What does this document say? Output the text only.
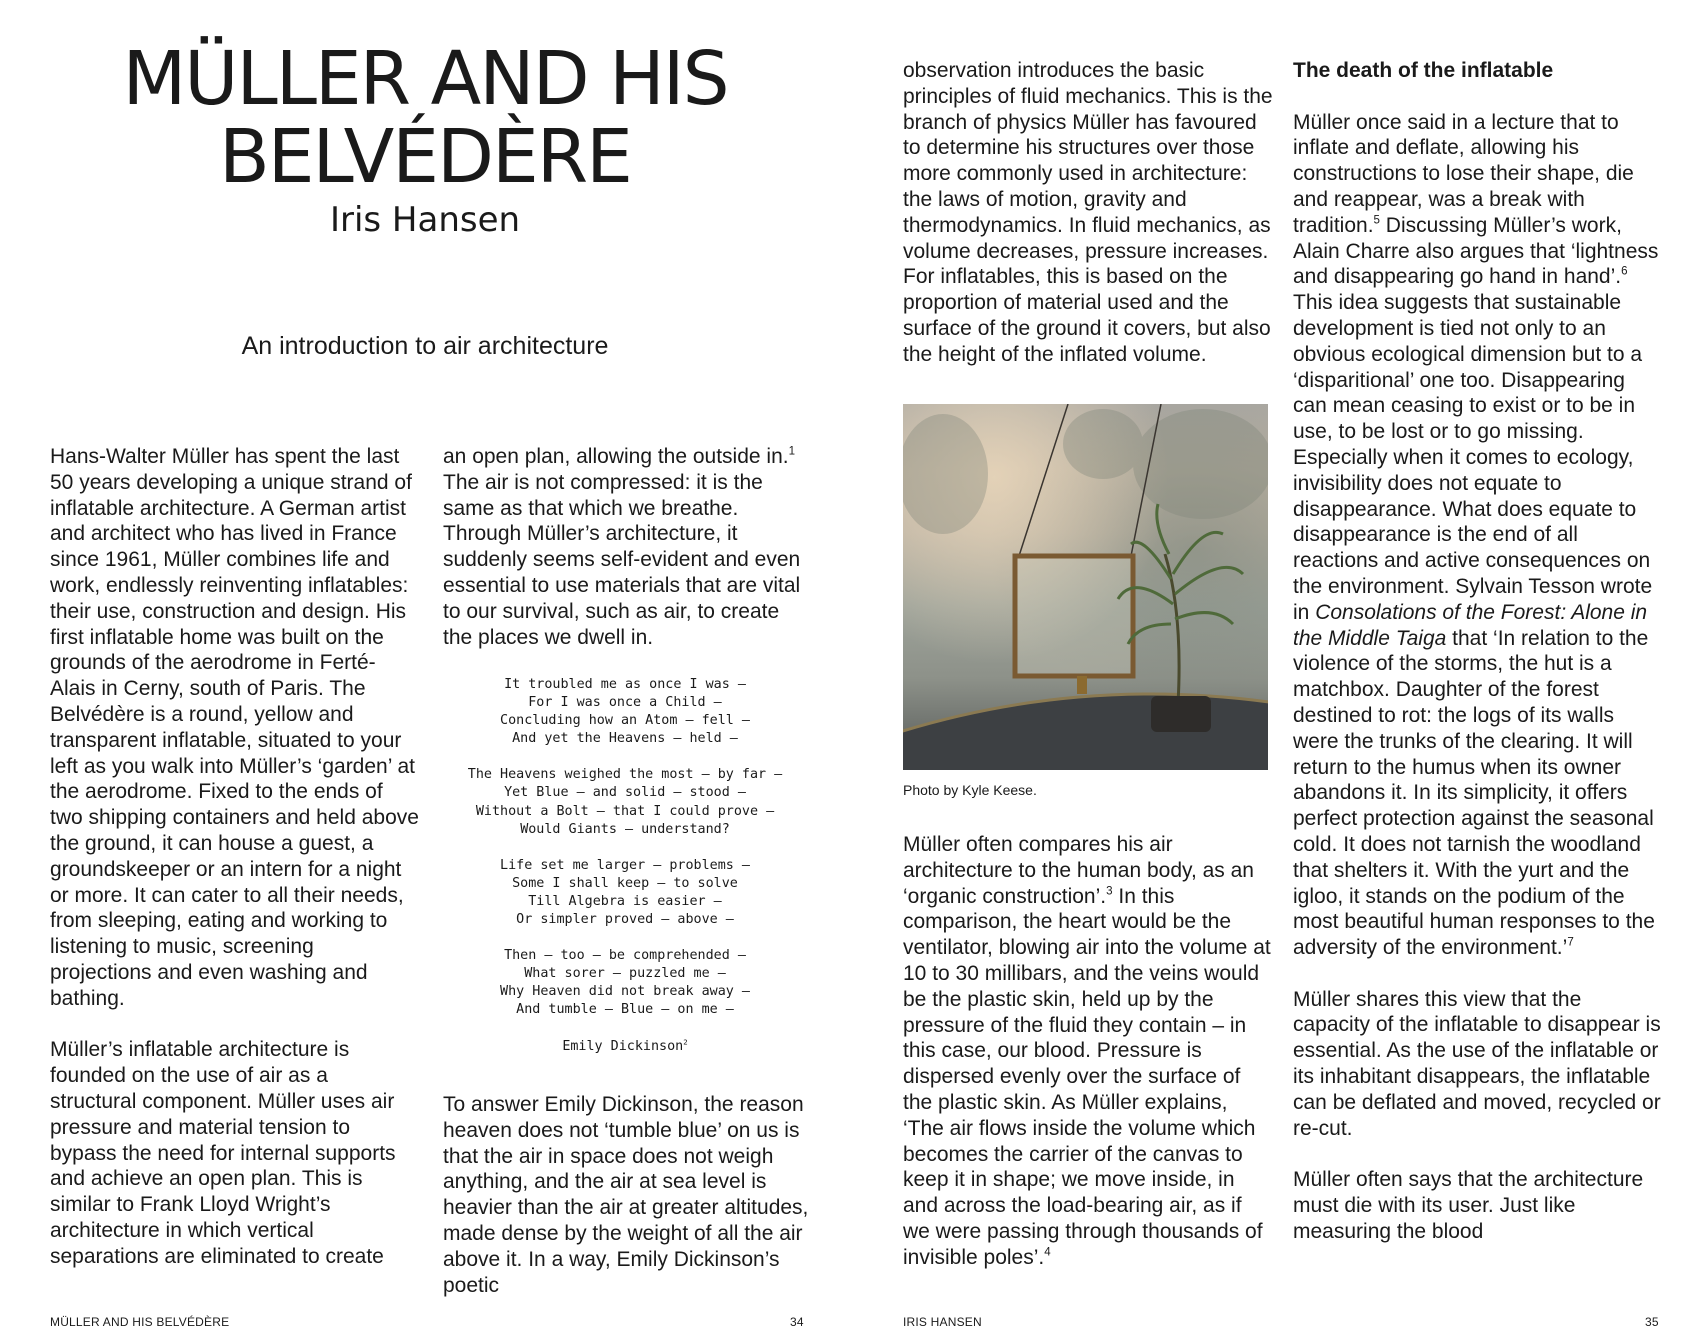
MÜLLER AND HIS
BELVÉDÈRE
Iris Hansen
An introduction to air architecture

Hans-Walter Müller has spent the last 50 years developing a unique strand of inflatable architecture. A German artist and architect who has lived in France since 1961, Müller combines life and work, endlessly reinventing inflatables: their use, construction and design. His first inflatable home was built on the grounds of the aerodrome in Ferté-Alais in Cerny, south of Paris. The Belvédère is a round, yellow and transparent inflatable, situated to your left as you walk into Müller’s ‘garden’ at the aerodrome. Fixed to the ends of two shipping containers and held above the ground, it can house a guest, a groundskeeper or an intern for a night or more. It can cater to all their needs, from sleeping, eating and working to listening to music, screening projections and even washing and bathing.

Müller’s inflatable architecture is founded on the use of air as a structural component. Müller uses air pressure and material tension to bypass the need for internal supports and achieve an open plan. This is similar to Frank Lloyd Wright’s architecture in which vertical separations are eliminated to create

an open plan, allowing the outside in.$^1$ The air is not compressed: it is the same as that which we breathe. Through Müller’s architecture, it suddenly seems self-evident and even essential to use materials that are vital to our survival, such as air, to create the places we dwell in.

It troubled me as once I was –
For I was once a Child –
Concluding how an Atom – fell –
And yet the Heavens – held –
The Heavens weighed the most – by far –
Yet Blue – and solid – stood –
Without a Bolt – that I could prove –
Would Giants – understand?
Life set me larger – problems –
Some I shall keep – to solve
Till Algebra is easier –
Or simpler proved – above –
Then – too – be comprehended –
What sorer – puzzled me –
Why Heaven did not break away –
And tumble – Blue – on me –
Emily Dickinson$^2$

To answer Emily Dickinson, the reason heaven does not ‘tumble blue’ on us is that the air in space does not weigh anything, and the air at sea level is heavier than the air at greater altitudes, made dense by the weight of all the air above it. In a way, Emily Dickinson’s poetic

MÜLLER AND HIS BELVÉDÈRE	34

observation introduces the basic principles of fluid mechanics. This is the branch of physics Müller has favoured to determine his structures over those more commonly used in architecture: the laws of motion, gravity and thermodynamics. In fluid mechanics, as volume decreases, pressure increases. For inflatables, this is based on the proportion of material used and the surface of the ground it covers, but also the height of the inflated volume.

Photo by Kyle Keese.

Müller often compares his air architecture to the human body, as an ‘organic construction’.$^3$ In this comparison, the heart would be the ventilator, blowing air into the volume at 10 to 30 millibars, and the veins would be the plastic skin, held up by the pressure of the fluid they contain – in this case, our blood. Pressure is dispersed evenly over the surface of the plastic skin. As Müller explains, ‘The air flows inside the volume which becomes the carrier of the canvas to keep it in shape; we move inside, in and across the load-bearing air, as if we were passing through thousands of invisible poles’.$^4$

The death of the inflatable

Müller once said in a lecture that to inflate and deflate, allowing his constructions to lose their shape, die and reappear, was a break with tradition.$^5$ Discussing Müller’s work, Alain Charre also argues that ‘lightness and disappearing go hand in hand’.$^6$ This idea suggests that sustainable development is tied not only to an obvious ecological dimension but to a ‘disparitional’ one too. Disappearing can mean ceasing to exist or to be in use, to be lost or to go missing. Especially when it comes to ecology, invisibility does not equate to disappearance. What does equate to disappearance is the end of all reactions and active consequences on the environment. Sylvain Tesson wrote in Consolations of the Forest: Alone in the Middle Taiga that ‘In relation to the violence of the storms, the hut is a matchbox. Daughter of the forest destined to rot: the logs of its walls were the trunks of the clearing. It will return to the humus when its owner abandons it. In its simplicity, it offers perfect protection against the seasonal cold. It does not tarnish the woodland that shelters it. With the yurt and the igloo, it stands on the podium of the most beautiful human responses to the adversity of the environment.’$^7$

Müller shares this view that the capacity of the inflatable to disappear is essential. As the use of the inflatable or its inhabitant disappears, the inflatable can be deflated and moved, recycled or re-cut.

Müller often says that the architecture must die with its user. Just like measuring the blood

IRIS HANSEN	35
